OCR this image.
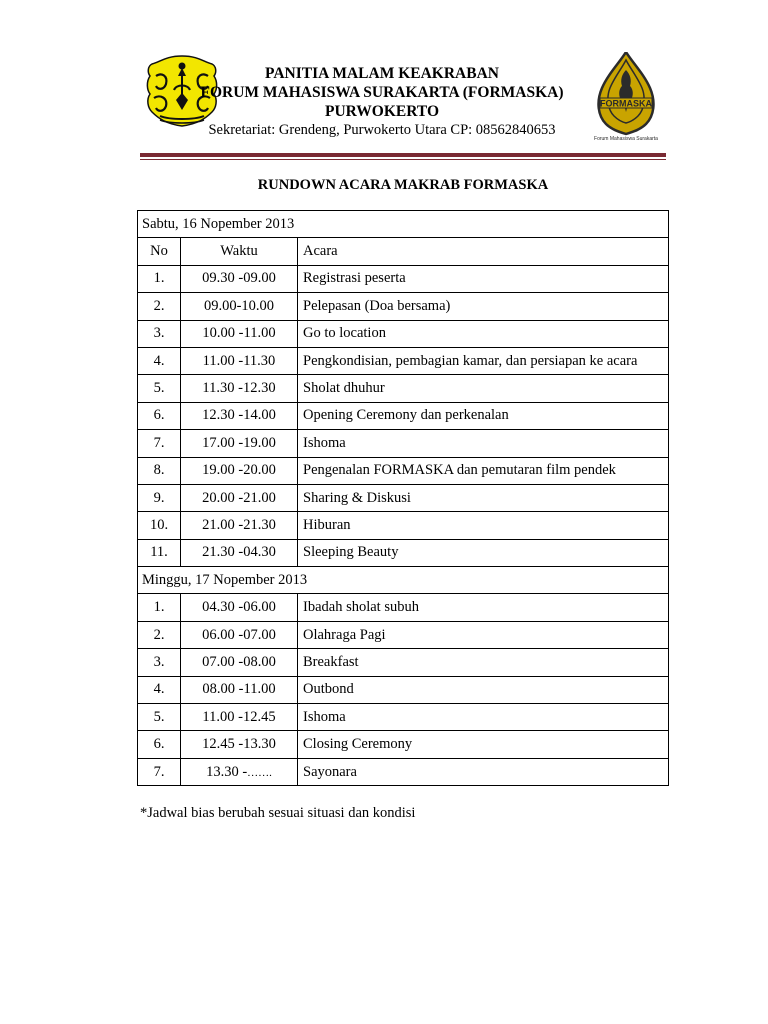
PANITIA MALAM KEAKRABAN
FORUM MAHASISWA SURAKARTA (FORMASKA)
PURWOKERTO
Sekretariat: Grendeng, Purwokerto Utara CP: 08562840653
FORMASKA
Forum Mahasiswa Surakarta
RUNDOWN ACARA MAKRAB FORMASKA
Sabtu, 16 Nopember 2013		
No	Waktu	Acara
1.	09.30 -09.00	Registrasi peserta
2.	09.00-10.00	Pelepasan (Doa bersama)
3.	10.00 -11.00	Go to location
4.	11.00 -11.30	Pengkondisian, pembagian kamar, dan persiapan ke acara
5.	11.30 -12.30	Sholat dhuhur
6.	12.30 -14.00	Opening Ceremony dan perkenalan
7.	17.00 -19.00	Ishoma
8.	19.00 -20.00	Pengenalan FORMASKA dan pemutaran film pendek
9.	20.00 -21.00	Sharing & Diskusi
10.	21.00 -21.30	Hiburan
11.	21.30 -04.30	Sleeping Beauty
Minggu, 17 Nopember 2013		
1.	04.30 -06.00	Ibadah sholat subuh
2.	06.00 -07.00	Olahraga Pagi
3.	07.00 -08.00	Breakfast
4.	08.00 -11.00	Outbond
5.	11.00 -12.45	Ishoma
6.	12.45 -13.30	Closing Ceremony
7.	13.30 -…….	Sayonara
*Jadwal bias berubah sesuai situasi dan kondisi
